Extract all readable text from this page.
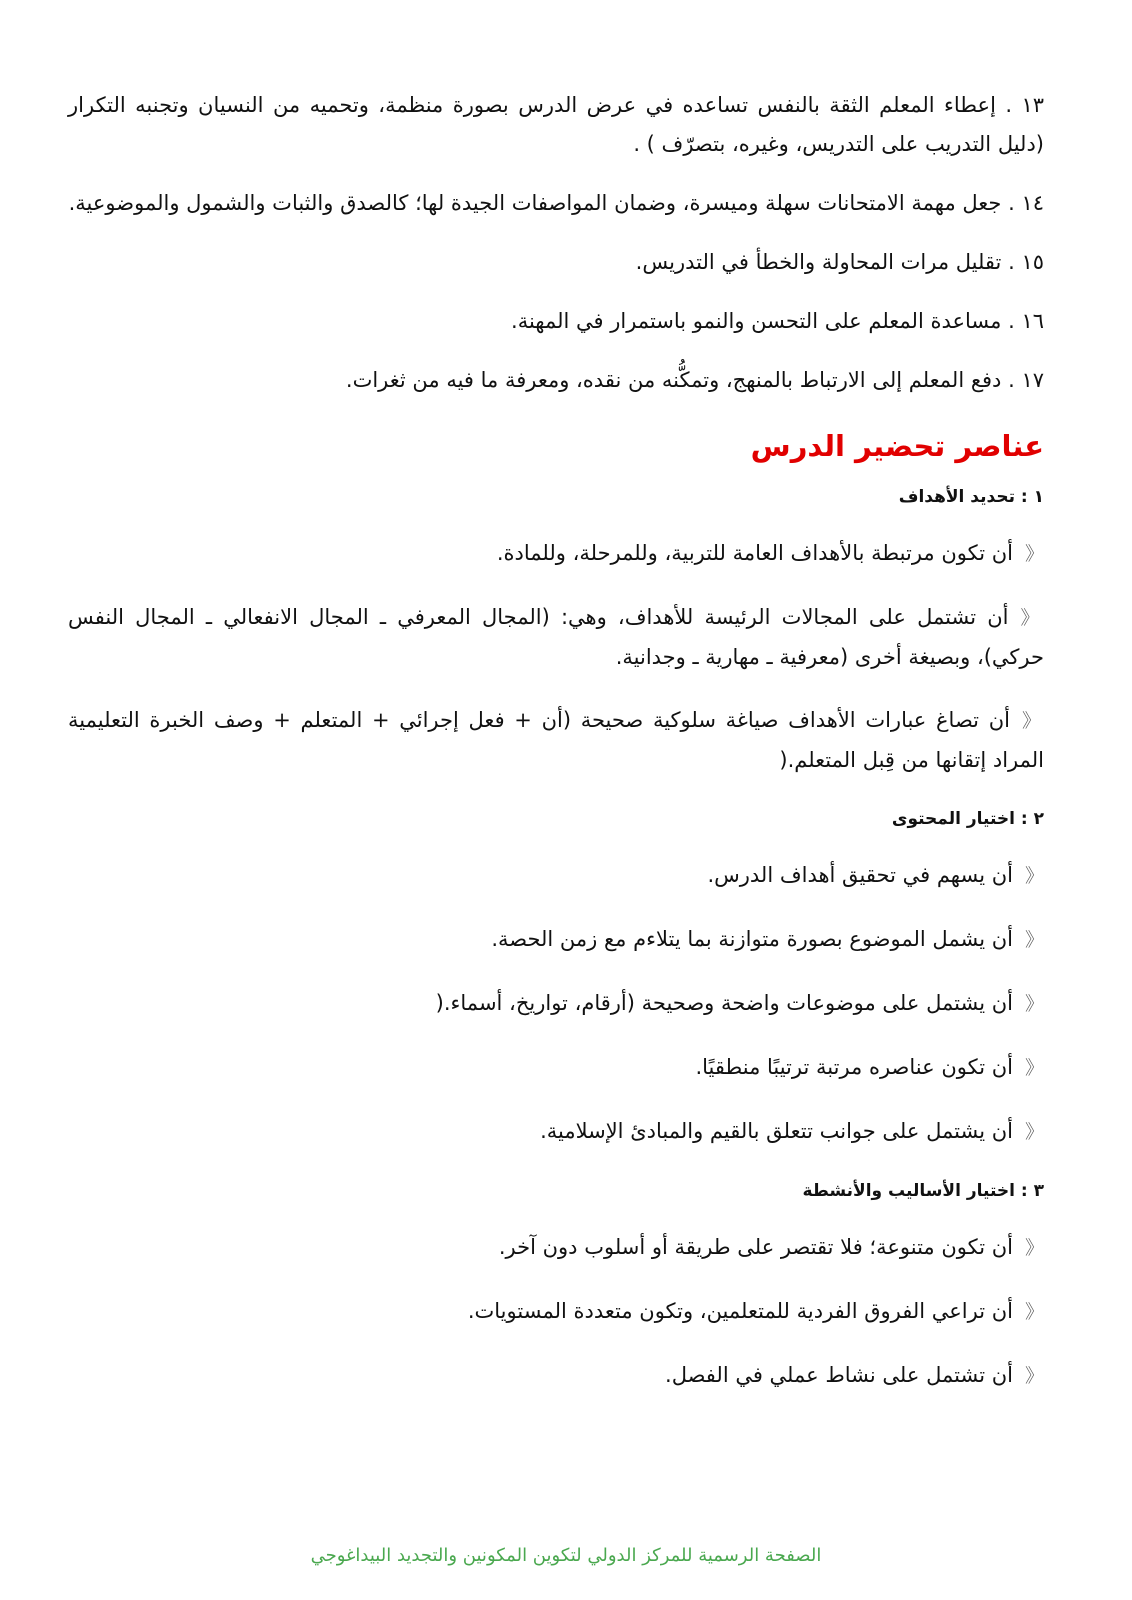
١٣ . إعطاء المعلم الثقة بالنفس تساعده في عرض الدرس بصورة منظمة، وتحميه من النسيان وتجنبه التكرار (دليل التدريب على التدريس، وغيره، بتصرّف ) .

١٤ . جعل مهمة الامتحانات سهلة وميسرة، وضمان المواصفات الجيدة لها؛ كالصدق والثبات والشمول والموضوعية.

١٥ . تقليل مرات المحاولة والخطأ في التدريس.

١٦ . مساعدة المعلم على التحسن والنمو باستمرار في المهنة.

١٧ . دفع المعلم إلى الارتباط بالمنهج، وتمكُّنه من نقده، ومعرفة ما فيه من ثغرات.

عناصر تحضير الدرس
١ : تحديد الأهداف

《أن تكون مرتبطة بالأهداف العامة للتربية، وللمرحلة، وللمادة.

《أن تشتمل على المجالات الرئيسة للأهداف، وهي: (المجال المعرفي ـ المجال الانفعالي ـ المجال النفس حركي)، وبصيغة أخرى (معرفية ـ مهارية ـ وجدانية.

《أن تصاغ عبارات الأهداف صياغة سلوكية صحيحة (أن + فعل إجرائي + المتعلم + وصف الخبرة التعليمية المراد إتقانها من قِبل المتعلم.(

٢ : اختيار المحتوى

《أن يسهم في تحقيق أهداف الدرس.

《أن يشمل الموضوع بصورة متوازنة بما يتلاءم مع زمن الحصة.

《أن يشتمل على موضوعات واضحة وصحيحة (أرقام، تواريخ، أسماء.(

《أن تكون عناصره مرتبة ترتيبًا منطقيًا.

《أن يشتمل على جوانب تتعلق بالقيم والمبادئ الإسلامية.

٣ : اختيار الأساليب والأنشطة

《أن تكون متنوعة؛ فلا تقتصر على طريقة أو أسلوب دون آخر.

《أن تراعي الفروق الفردية للمتعلمين، وتكون متعددة المستويات.

《أن تشتمل على نشاط عملي في الفصل.

الصفحة الرسمية للمركز الدولي لتكوين المكونين والتجديد البيداغوجي
